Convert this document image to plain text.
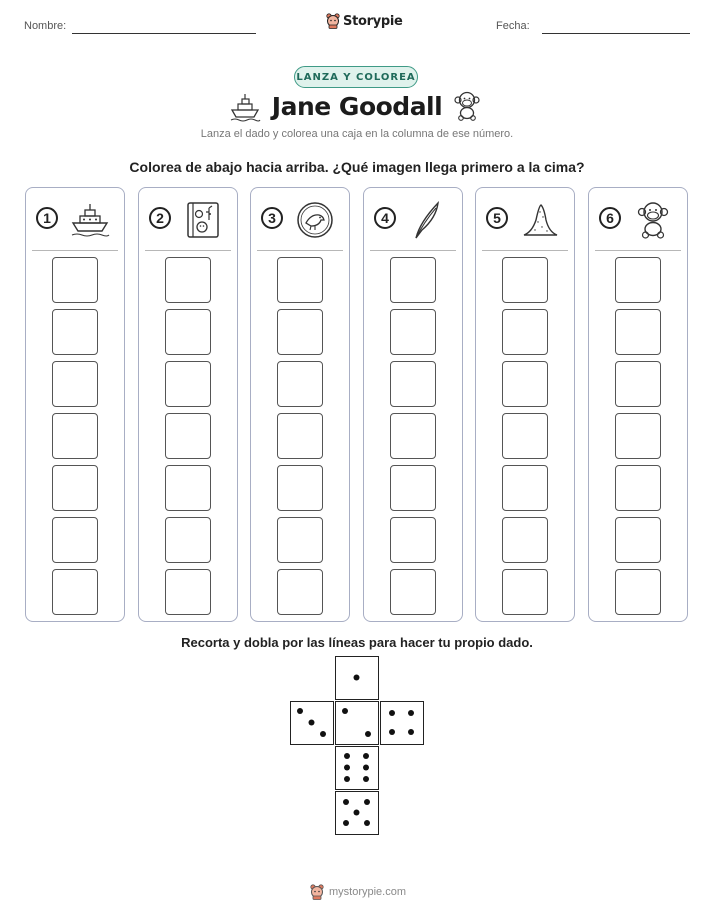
Nombre:	Storypie	Fecha:
LANZA Y COLOREA
Jane Goodall
Lanza el dado y colorea una caja en la columna de ese número.
Colorea de abajo hacia arriba. ¿Qué imagen llega primero a la cima?
1	2	3	4	5	6
Recorta y dobla por las líneas para hacer tu propio dado.
mystorypie.com
